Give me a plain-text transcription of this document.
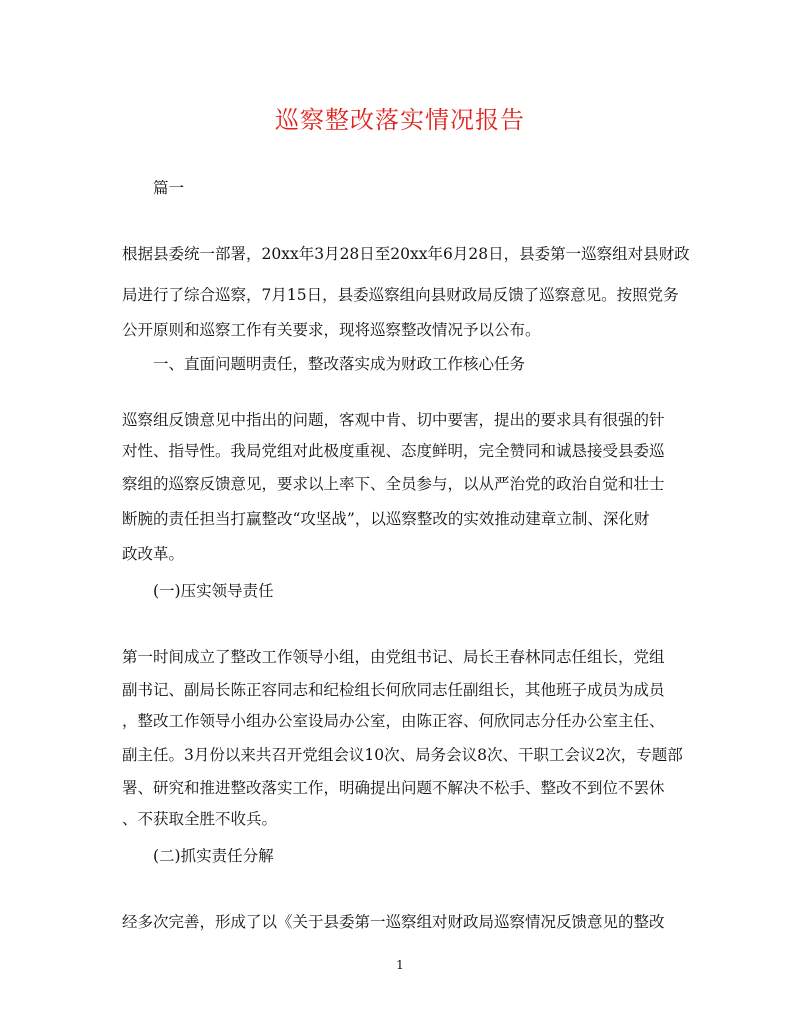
巡察整改落实情况报告
篇一
根据县委统一部署，20xx年3月28日至20xx年6月28日，县委第一巡察组对县财政
局进行了综合巡察，7月15日，县委巡察组向县财政局反馈了巡察意见。按照党务
公开原则和巡察工作有关要求，现将巡察整改情况予以公布。
一、直面问题明责任，整改落实成为财政工作核心任务
巡察组反馈意见中指出的问题，客观中肯、切中要害，提出的要求具有很强的针
对性、指导性。我局党组对此极度重视、态度鲜明，完全赞同和诚恳接受县委巡
察组的巡察反馈意见，要求以上率下、全员参与，以从严治党的政治自觉和壮士
断腕的责任担当打赢整改“攻坚战”，以巡察整改的实效推动建章立制、深化财
政改革。
(一)压实领导责任
第一时间成立了整改工作领导小组，由党组书记、局长王春林同志任组长，党组
副书记、副局长陈正容同志和纪检组长何欣同志任副组长，其他班子成员为成员
，整改工作领导小组办公室设局办公室，由陈正容、何欣同志分任办公室主任、
副主任。3月份以来共召开党组会议10次、局务会议8次、干职工会议2次，专题部
署、研究和推进整改落实工作，明确提出问题不解决不松手、整改不到位不罢休
、不获取全胜不收兵。
(二)抓实责任分解
经多次完善，形成了以《关于县委第一巡察组对财政局巡察情况反馈意见的整改
1
